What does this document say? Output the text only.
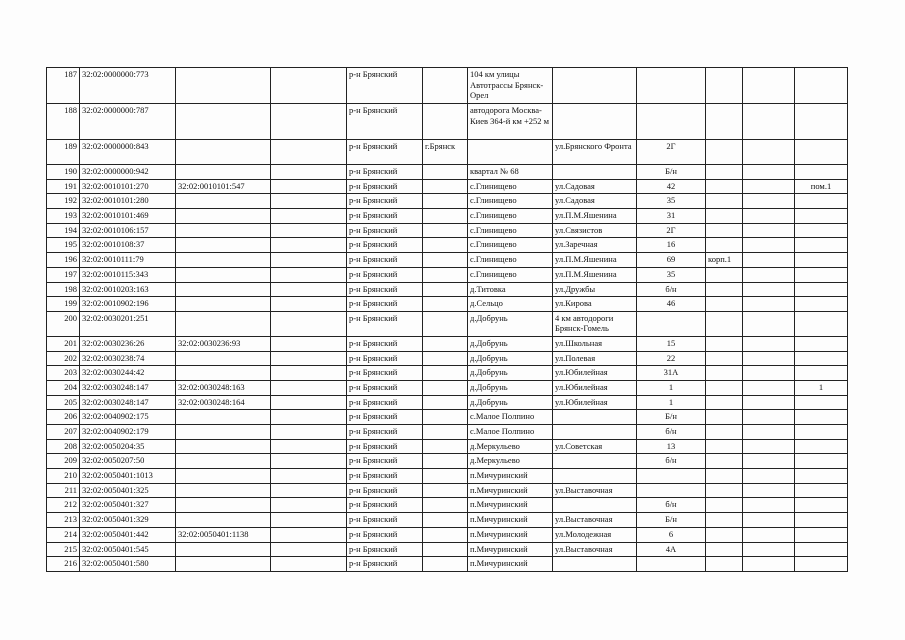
187	32:02:0000000:773			р-н Брянский		104 км улицы Автотрассы Брянск-Орел					
188	32:02:0000000:787			р-н Брянский		автодорога Москва-Киев 364-й км +252 м					
189	32:02:0000000:843			р-н Брянский	г.Брянск		ул.Брянского Фронта	2Г			
190	32:02:0000000:942			р-н Брянский		квартал № 68		Б/н			
191	32:02:0010101:270	32:02:0010101:547		р-н Брянский		с.Глинищево	ул.Садовая	42			пом.1
192	32:02:0010101:280			р-н Брянский		с.Глинищево	ул.Садовая	35			
193	32:02:0010101:469			р-н Брянский		с.Глинищево	ул.П.М.Яшенина	31			
194	32:02:0010106:157			р-н Брянский		с.Глинищево	ул.Связистов	2Г			
195	32:02:0010108:37			р-н Брянский		с.Глинищево	ул.Заречная	16			
196	32:02:0010111:79			р-н Брянский		с.Глинищево	ул.П.М.Яшенина	69	корп.1		
197	32:02:0010115:343			р-н Брянский		с.Глинищево	ул.П.М.Яшенина	35			
198	32:02:0010203:163			р-н Брянский		д.Титовка	ул.Дружбы	б/н			
199	32:02:0010902:196			р-н Брянский		д.Сельцо	ул.Кирова	46			
200	32:02:0030201:251			р-н Брянский		д.Добрунь	4 км автодороги Брянск-Гомель				
201	32:02:0030236:26	32:02:0030236:93		р-н Брянский		д.Добрунь	ул.Школьная	15			
202	32:02:0030238:74			р-н Брянский		д.Добрунь	ул.Полевая	22			
203	32:02:0030244:42			р-н Брянский		д.Добрунь	ул.Юбилейная	31А			
204	32:02:0030248:147	32:02:0030248:163		р-н Брянский		д.Добрунь	ул.Юбилейная	1			1
205	32:02:0030248:147	32:02:0030248:164		р-н Брянский		д.Добрунь	ул.Юбилейная	1			
206	32:02:0040902:175			р-н Брянский		с.Малое Полпино		Б/н			
207	32:02:0040902:179			р-н Брянский		с.Малое Полпино		б/н			
208	32:02:0050204:35			р-н Брянский		д.Меркульево	ул.Советская	13			
209	32:02:0050207:50			р-н Брянский		д.Меркульево		б/н			
210	32:02:0050401:1013			р-н Брянский		п.Мичуринский					
211	32:02:0050401:325			р-н Брянский		п.Мичуринский	ул.Выставочная				
212	32:02:0050401:327			р-н Брянский		п.Мичуринский		б/н			
213	32:02:0050401:329			р-н Брянский		п.Мичуринский	ул.Выставочная	Б/н			
214	32:02:0050401:442	32:02:0050401:1138		р-н Брянский		п.Мичуринский	ул.Молодежная	6			
215	32:02:0050401:545			р-н Брянский		п.Мичуринский	ул.Выставочная	4А			
216	32:02:0050401:580			р-н Брянский		п.Мичуринский					
